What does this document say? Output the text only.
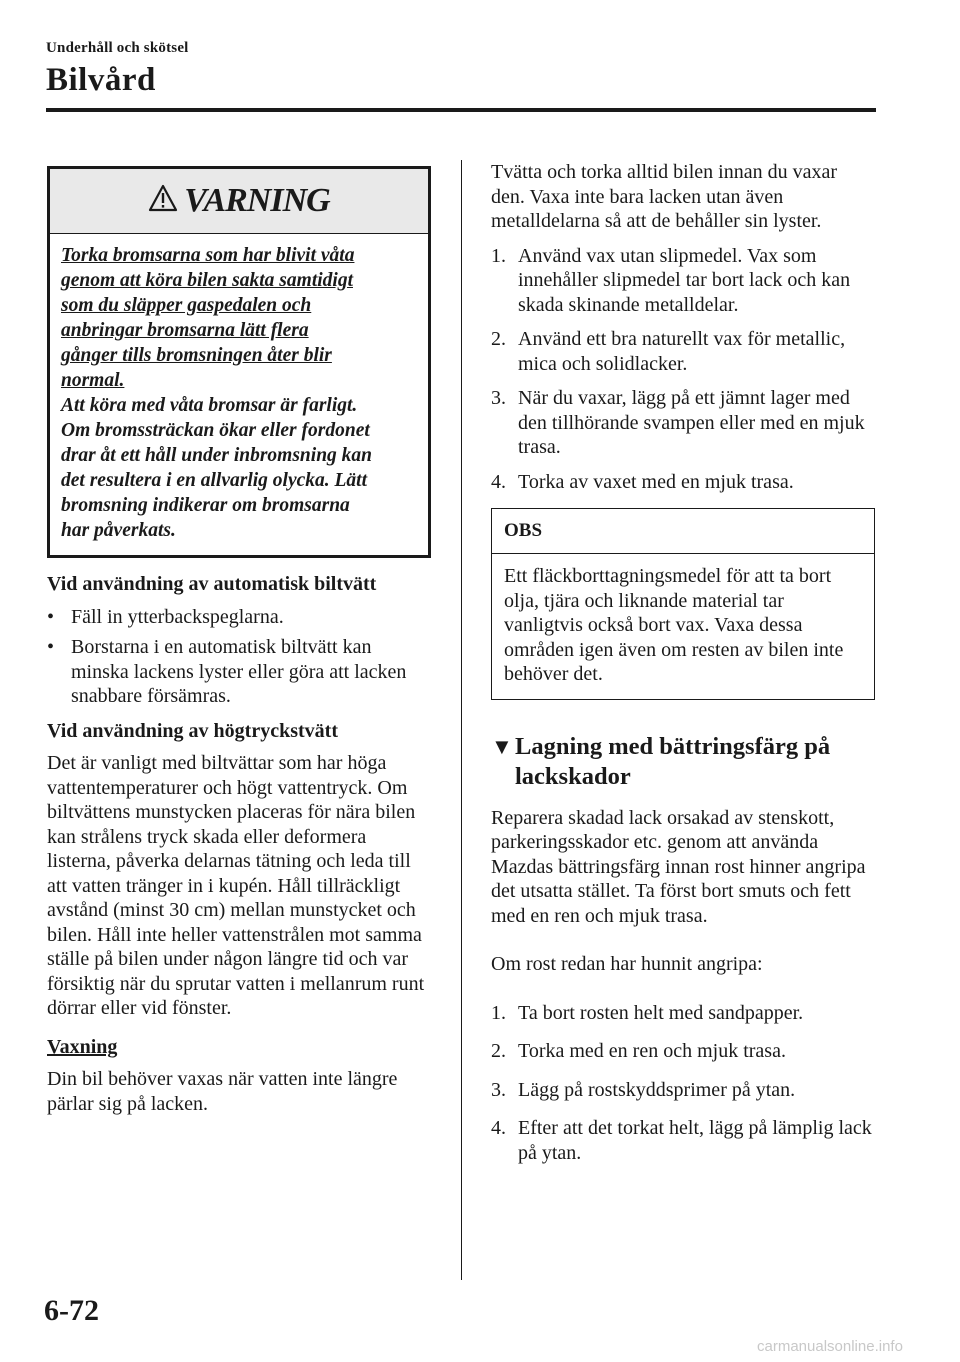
Underhåll och skötsel
Bilvård
VARNING
Torka bromsarna som har blivit våta
genom att köra bilen sakta samtidigt
som du släpper gaspedalen och
anbringar bromsarna lätt flera
gånger tills bromsningen åter blir
normal.
Att köra med våta bromsar är farligt.
Om bromssträckan ökar eller fordonet
drar åt ett håll under inbromsning kan
det resultera i en allvarlig olycka. Lätt
bromsning indikerar om bromsarna
har påverkats.
Vid användning av automatisk biltvätt
• Fäll in ytterbackspeglarna.
• Borstarna i en automatisk biltvätt kan minska lackens lyster eller göra att lacken snabbare försämras.
Vid användning av högtryckstvätt

Det är vanligt med biltvättar som har höga vattentemperaturer och högt vattentryck. Om biltvättens munstycken placeras för nära bilen kan strålens tryck skada eller deformera listerna, påverka delarnas tätning och leda till att vatten tränger in i kupén. Håll tillräckligt avstånd (minst 30 cm) mellan munstycket och bilen. Håll inte heller vattenstrålen mot samma ställe på bilen under någon längre tid och var försiktig när du sprutar vatten i mellanrum runt dörrar eller vid fönster.

Vaxning

Din bil behöver vaxas när vatten inte längre pärlar sig på lacken.

Tvätta och torka alltid bilen innan du vaxar den. Vaxa inte bara lacken utan även metalldelarna så att de behåller sin lyster.

1. Använd vax utan slipmedel. Vax som innehåller slipmedel tar bort lack och kan skada skinande metalldelar.
2. Använd ett bra naturellt vax för metallic, mica och solidlacker.
3. När du vaxar, lägg på ett jämnt lager med den tillhörande svampen eller med en mjuk trasa.
4. Torka av vaxet med en mjuk trasa.
OBS
Ett fläckborttagningsmedel för att ta bort olja, tjära och liknande material tar vanligtvis också bort vax. Vaxa dessa områden igen även om resten av bilen inte behöver det.
▼ Lagning med bättringsfärg på lackskador

Reparera skadad lack orsakad av stenskott, parkeringsskador etc. genom att använda Mazdas bättringsfärg innan rost hinner angripa det utsatta stället. Ta först bort smuts och fett med en ren och mjuk trasa.

Om rost redan har hunnit angripa:

1. Ta bort rosten helt med sandpapper.
2. Torka med en ren och mjuk trasa.
3. Lägg på rostskyddsprimer på ytan.
4. Efter att det torkat helt, lägg på lämplig lack på ytan.
6-72
carmanualsonline.info
